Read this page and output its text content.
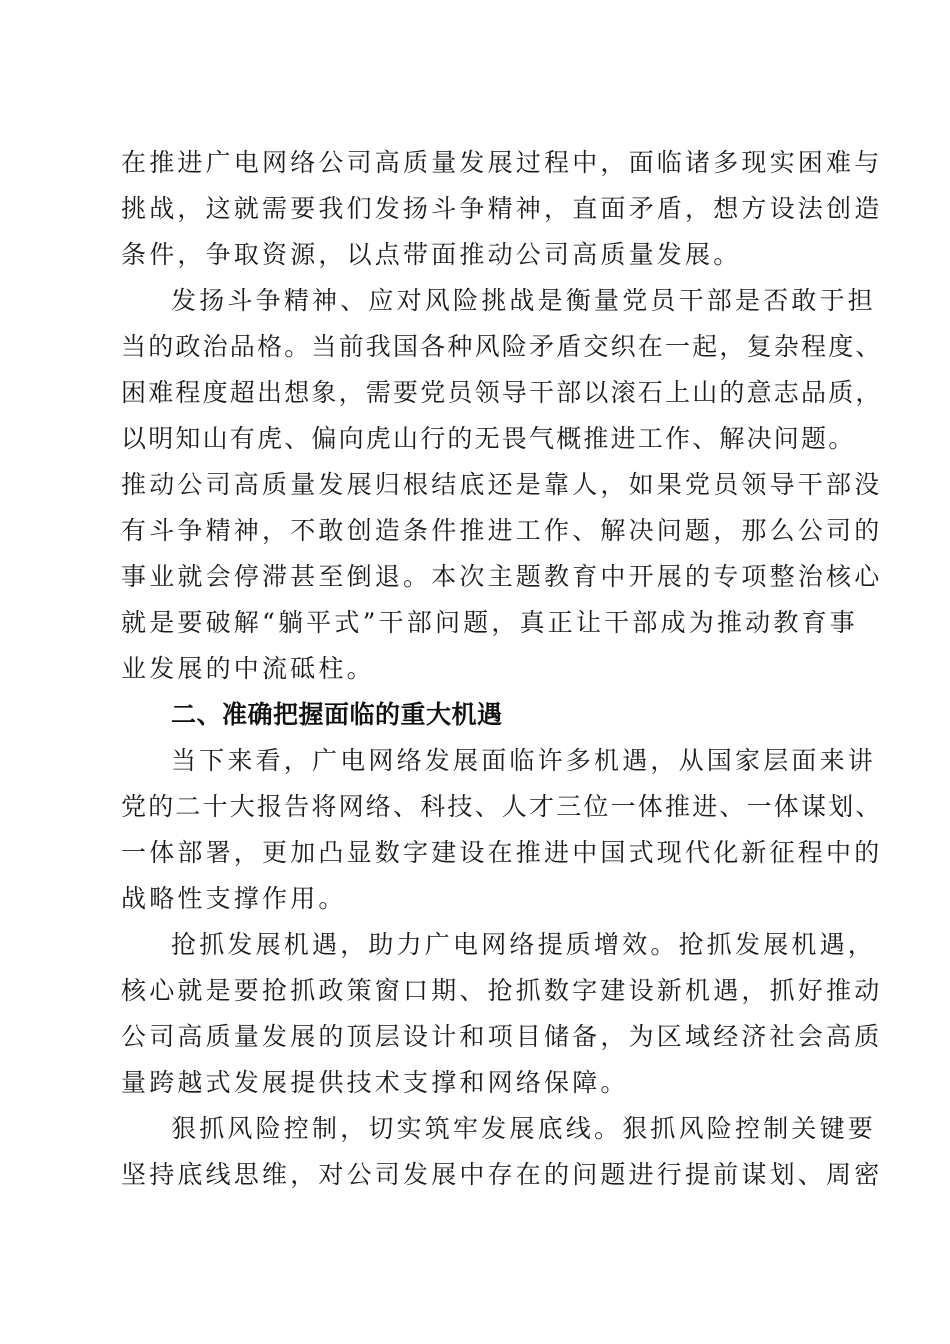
在推进广电网络公司高质量发展过程中，面临诸多现实困难与
挑战，这就需要我们发扬斗争精神，直面矛盾，想方设法创造
条件，争取资源，以点带面推动公司高质量发展。
发扬斗争精神、应对风险挑战是衡量党员干部是否敢于担
当的政治品格。当前我国各种风险矛盾交织在一起，复杂程度、
困难程度超出想象，需要党员领导干部以滚石上山的意志品质，
以明知山有虎、偏向虎山行的无畏气概推进工作、解决问题。
推动公司高质量发展归根结底还是靠人，如果党员领导干部没
有斗争精神，不敢创造条件推进工作、解决问题，那么公司的
事业就会停滞甚至倒退。本次主题教育中开展的专项整治核心
就是要破解“躺平式”干部问题，真正让干部成为推动教育事
业发展的中流砥柱。
二、准确把握面临的重大机遇
当下来看，广电网络发展面临许多机遇，从国家层面来讲
党的二十大报告将网络、科技、人才三位一体推进、一体谋划、
一体部署，更加凸显数字建设在推进中国式现代化新征程中的
战略性支撑作用。
抢抓发展机遇，助力广电网络提质增效。抢抓发展机遇，
核心就是要抢抓政策窗口期、抢抓数字建设新机遇，抓好推动
公司高质量发展的顶层设计和项目储备，为区域经济社会高质
量跨越式发展提供技术支撑和网络保障。
狠抓风险控制，切实筑牢发展底线。狠抓风险控制关键要
坚持底线思维，对公司发展中存在的问题进行提前谋划、周密
